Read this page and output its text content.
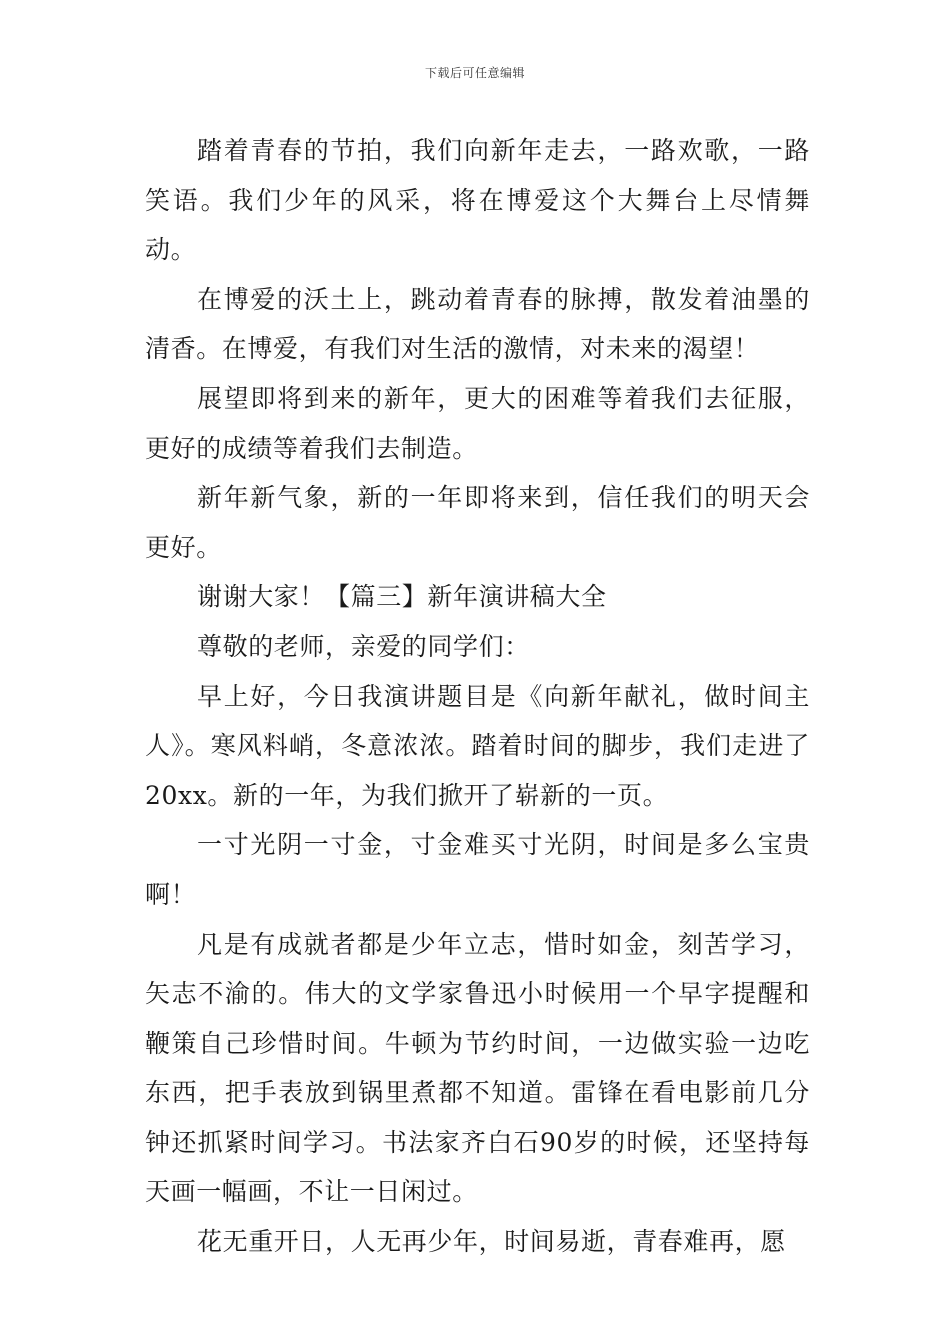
下载后可任意编辑

踏着青春的节拍，我们向新年走去，一路欢歌，一路笑语。我们少年的风采，将在博爱这个大舞台上尽情舞动。

在博爱的沃土上，跳动着青春的脉搏，散发着油墨的清香。在博爱，有我们对生活的激情，对未来的渴望！

展望即将到来的新年，更大的困难等着我们去征服，更好的成绩等着我们去制造。

新年新气象，新的一年即将来到，信任我们的明天会更好。

谢谢大家！【篇三】新年演讲稿大全

尊敬的老师，亲爱的同学们：

早上好，今日我演讲题目是《向新年献礼，做时间主人》。寒风料峭，冬意浓浓。踏着时间的脚步，我们走进了20xx。新的一年，为我们掀开了崭新的一页。

一寸光阴一寸金，寸金难买寸光阴，时间是多么宝贵啊！

凡是有成就者都是少年立志，惜时如金，刻苦学习，矢志不渝的。伟大的文学家鲁迅小时候用一个早字提醒和鞭策自己珍惜时间。牛顿为节约时间，一边做实验一边吃东西，把手表放到锅里煮都不知道。雷锋在看电影前几分钟还抓紧时间学习。书法家齐白石90岁的时候，还坚持每天画一幅画，不让一日闲过。

花无重开日，人无再少年，时间易逝，青春难再，愿
